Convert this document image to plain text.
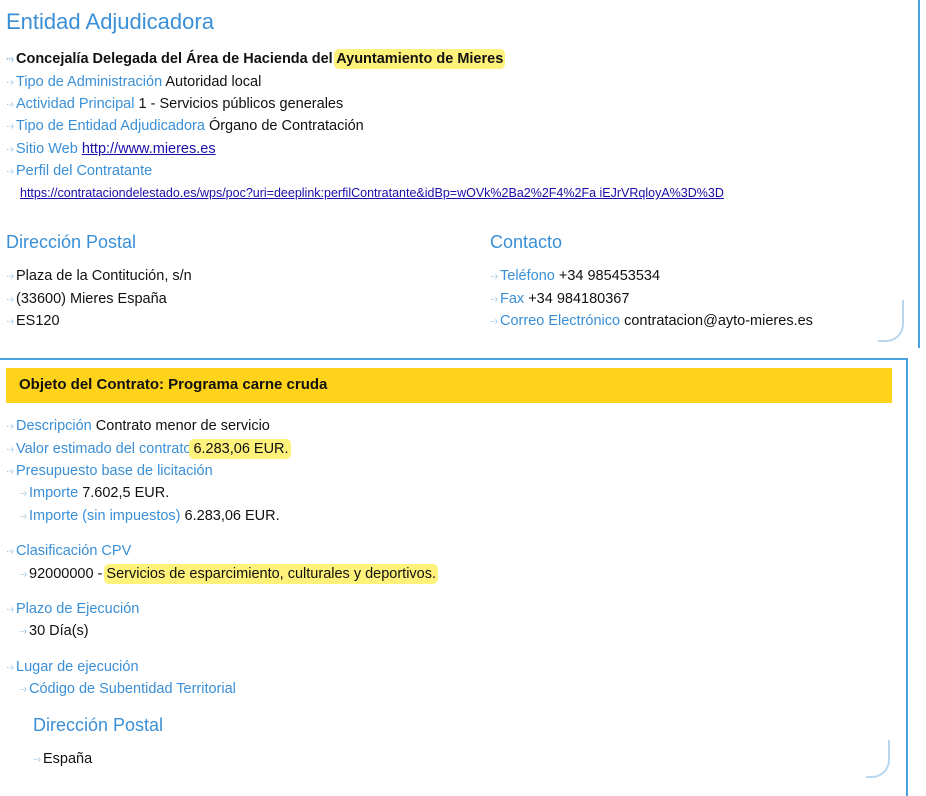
Entidad Adjudicadora
··› Concejalía Delegada del Área de Hacienda del Ayuntamiento de Mieres
··› Tipo de Administración Autoridad local
··› Actividad Principal 1 - Servicios públicos generales
··› Tipo de Entidad Adjudicadora Órgano de Contratación
··› Sitio Web http://www.mieres.es
··› Perfil del Contratante
https://contrataciondelestado.es/wps/poc?uri=deeplink:perfilContratante&idBp=wOVk%2Ba2%2F4%2Fa iEJrVRqloyA%3D%3D
Dirección Postal
··› Plaza de la Contitución, s/n
··› (33600) Mieres España
··› ES120
Contacto
··› Teléfono +34 985453534
··› Fax +34 984180367
··› Correo Electrónico contratacion@ayto-mieres.es
Objeto del Contrato: Programa carne cruda
··› Descripción Contrato menor de servicio
··› Valor estimado del contrato 6.283,06 EUR.
··› Presupuesto base de licitación
··› Importe 7.602,5 EUR.
··› Importe (sin impuestos) 6.283,06 EUR.
··› Clasificación CPV
··› 92000000 - Servicios de esparcimiento, culturales y deportivos.
··› Plazo de Ejecución
··› 30 Día(s)
··› Lugar de ejecución
··› Código de Subentidad Territorial
Dirección Postal
··› España
